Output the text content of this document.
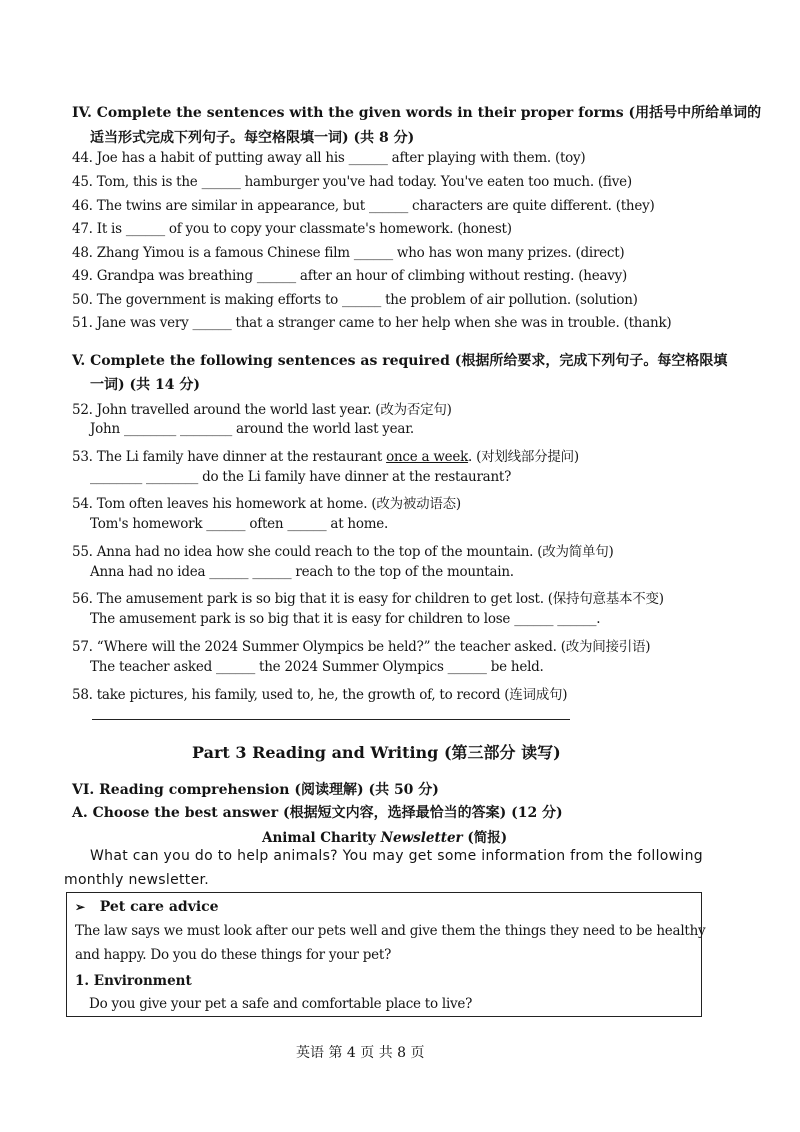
IV. Complete the sentences with the given words in their proper forms (用括号中所给单词的
适当形式完成下列句子。每空格限填一词) (共 8 分)
44. Joe has a habit of putting away all his ______ after playing with them. (toy)
45. Tom, this is the ______ hamburger you've had today. You've eaten too much. (five)
46. The twins are similar in appearance, but ______ characters are quite different. (they)
47. It is ______ of you to copy your classmate's homework. (honest)
48. Zhang Yimou is a famous Chinese film ______ who has won many prizes. (direct)
49. Grandpa was breathing ______ after an hour of climbing without resting. (heavy)
50. The government is making efforts to ______ the problem of air pollution. (solution)
51. Jane was very ______ that a stranger came to her help when she was in trouble. (thank)
V. Complete the following sentences as required (根据所给要求，完成下列句子。每空格限填
一词) (共 14 分)
52. John travelled around the world last year. (改为否定句)
John ________ ________ around the world last year.
53. The Li family have dinner at the restaurant once a week. (对划线部分提问)
________ ________ do the Li family have dinner at the restaurant?
54. Tom often leaves his homework at home. (改为被动语态)
Tom's homework ______ often ______ at home.
55. Anna had no idea how she could reach to the top of the mountain. (改为简单句)
Anna had no idea ______ ______ reach to the top of the mountain.
56. The amusement park is so big that it is easy for children to get lost. (保持句意基本不变)
The amusement park is so big that it is easy for children to lose ______ ______.
57. “Where will the 2024 Summer Olympics be held?” the teacher asked. (改为间接引语)
The teacher asked ______ the 2024 Summer Olympics ______ be held.
58. take pictures, his family, used to, he, the growth of, to record (连词成句)
Part 3 Reading and Writing (第三部分 读写)
VI. Reading comprehension (阅读理解) (共 50 分)
A. Choose the best answer (根据短文内容，选择最恰当的答案) (12 分)
Animal Charity Newsletter (简报)
What can you do to help animals? You may get some information from the following
monthly newsletter.
➢ Pet care advice
The law says we must look after our pets well and give them the things they need to be healthy
and happy. Do you do these things for your pet?
1. Environment
Do you give your pet a safe and comfortable place to live?
英语 第 4 页 共 8 页
